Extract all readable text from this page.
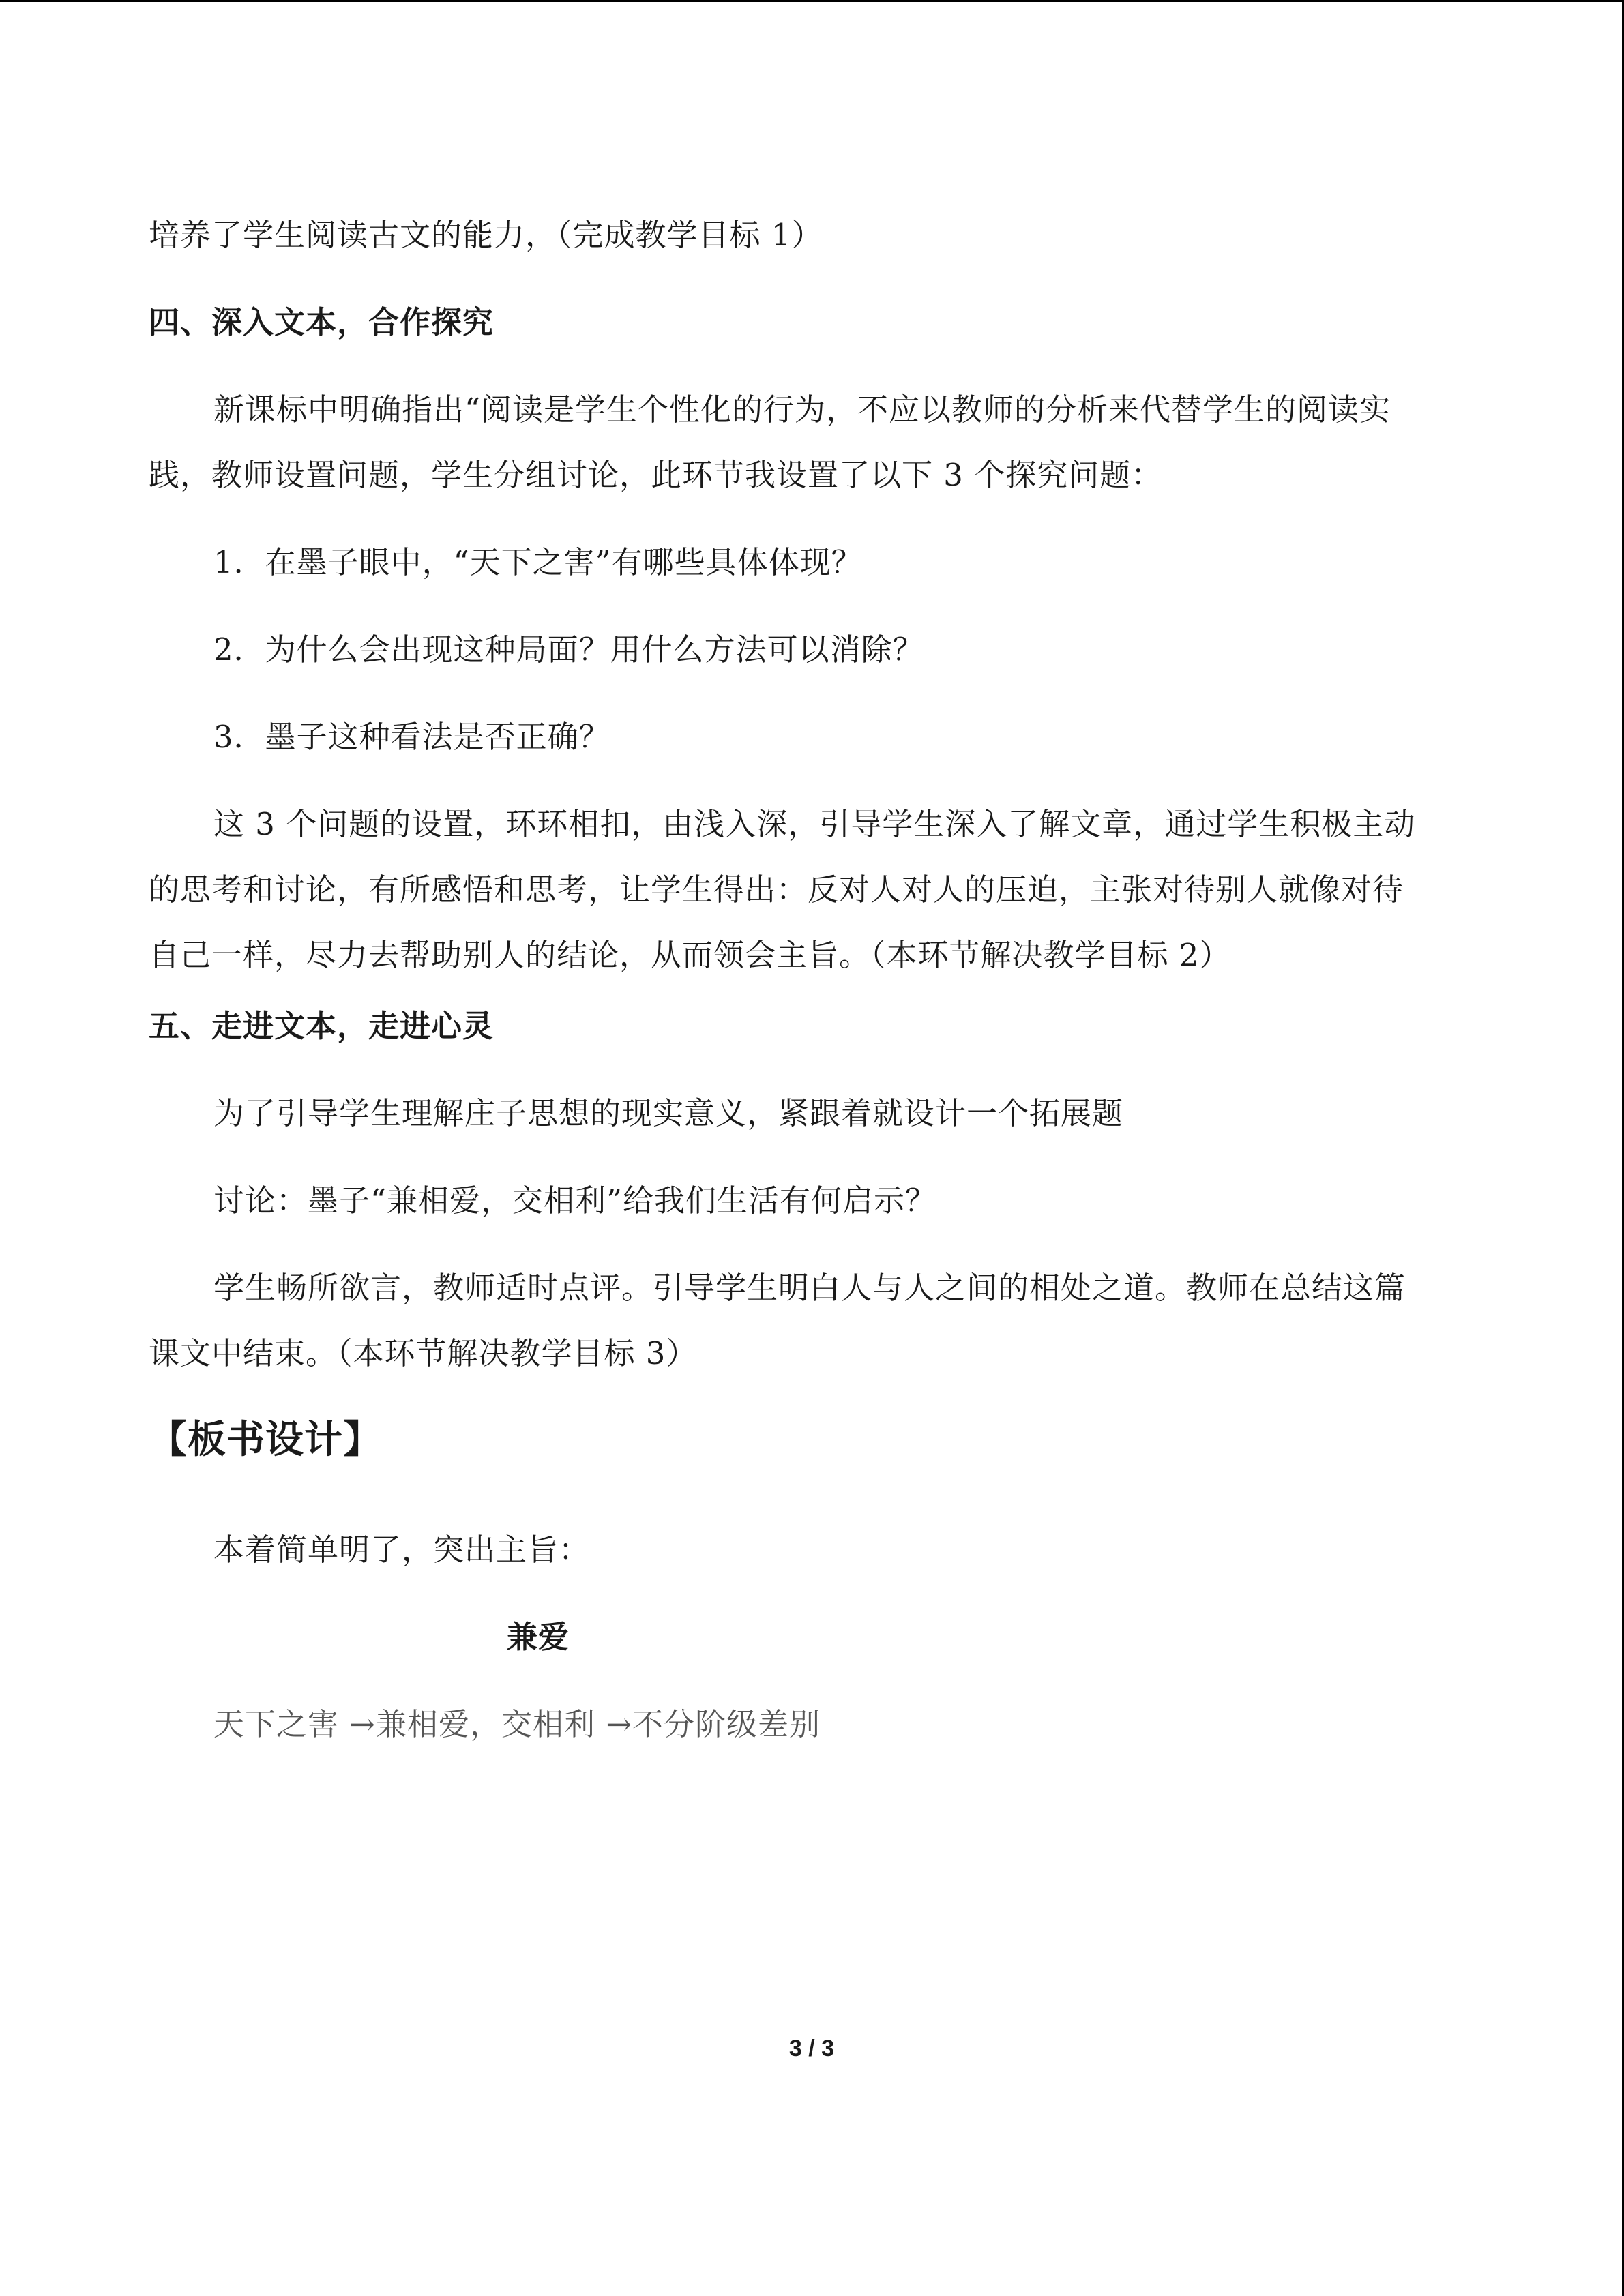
培养了学生阅读古文的能力，（完成教学目标 1）
四、深入文本，合作探究
新课标中明确指出“阅读是学生个性化的行为，不应以教师的分析来代替学生的阅读实
践，教师设置问题，学生分组讨论，此环节我设置了以下 3 个探究问题：
1．在墨子眼中，“天下之害”有哪些具体体现？
2．为什么会出现这种局面？用什么方法可以消除？
3．墨子这种看法是否正确？
这 3 个问题的设置，环环相扣，由浅入深，引导学生深入了解文章，通过学生积极主动
的思考和讨论，有所感悟和思考，让学生得出：反对人对人的压迫，主张对待别人就像对待
自己一样，尽力去帮助别人的结论，从而领会主旨。（本环节解决教学目标 2）
五、走进文本，走进心灵
为了引导学生理解庄子思想的现实意义，紧跟着就设计一个拓展题
讨论：墨子“兼相爱，交相利”给我们生活有何启示？
学生畅所欲言，教师适时点评。引导学生明白人与人之间的相处之道。教师在总结这篇
课文中结束。（本环节解决教学目标 3）
【板书设计】
本着简单明了，突出主旨：
兼爱
天下之害 →兼相爱，交相利 →不分阶级差别
3 / 3
